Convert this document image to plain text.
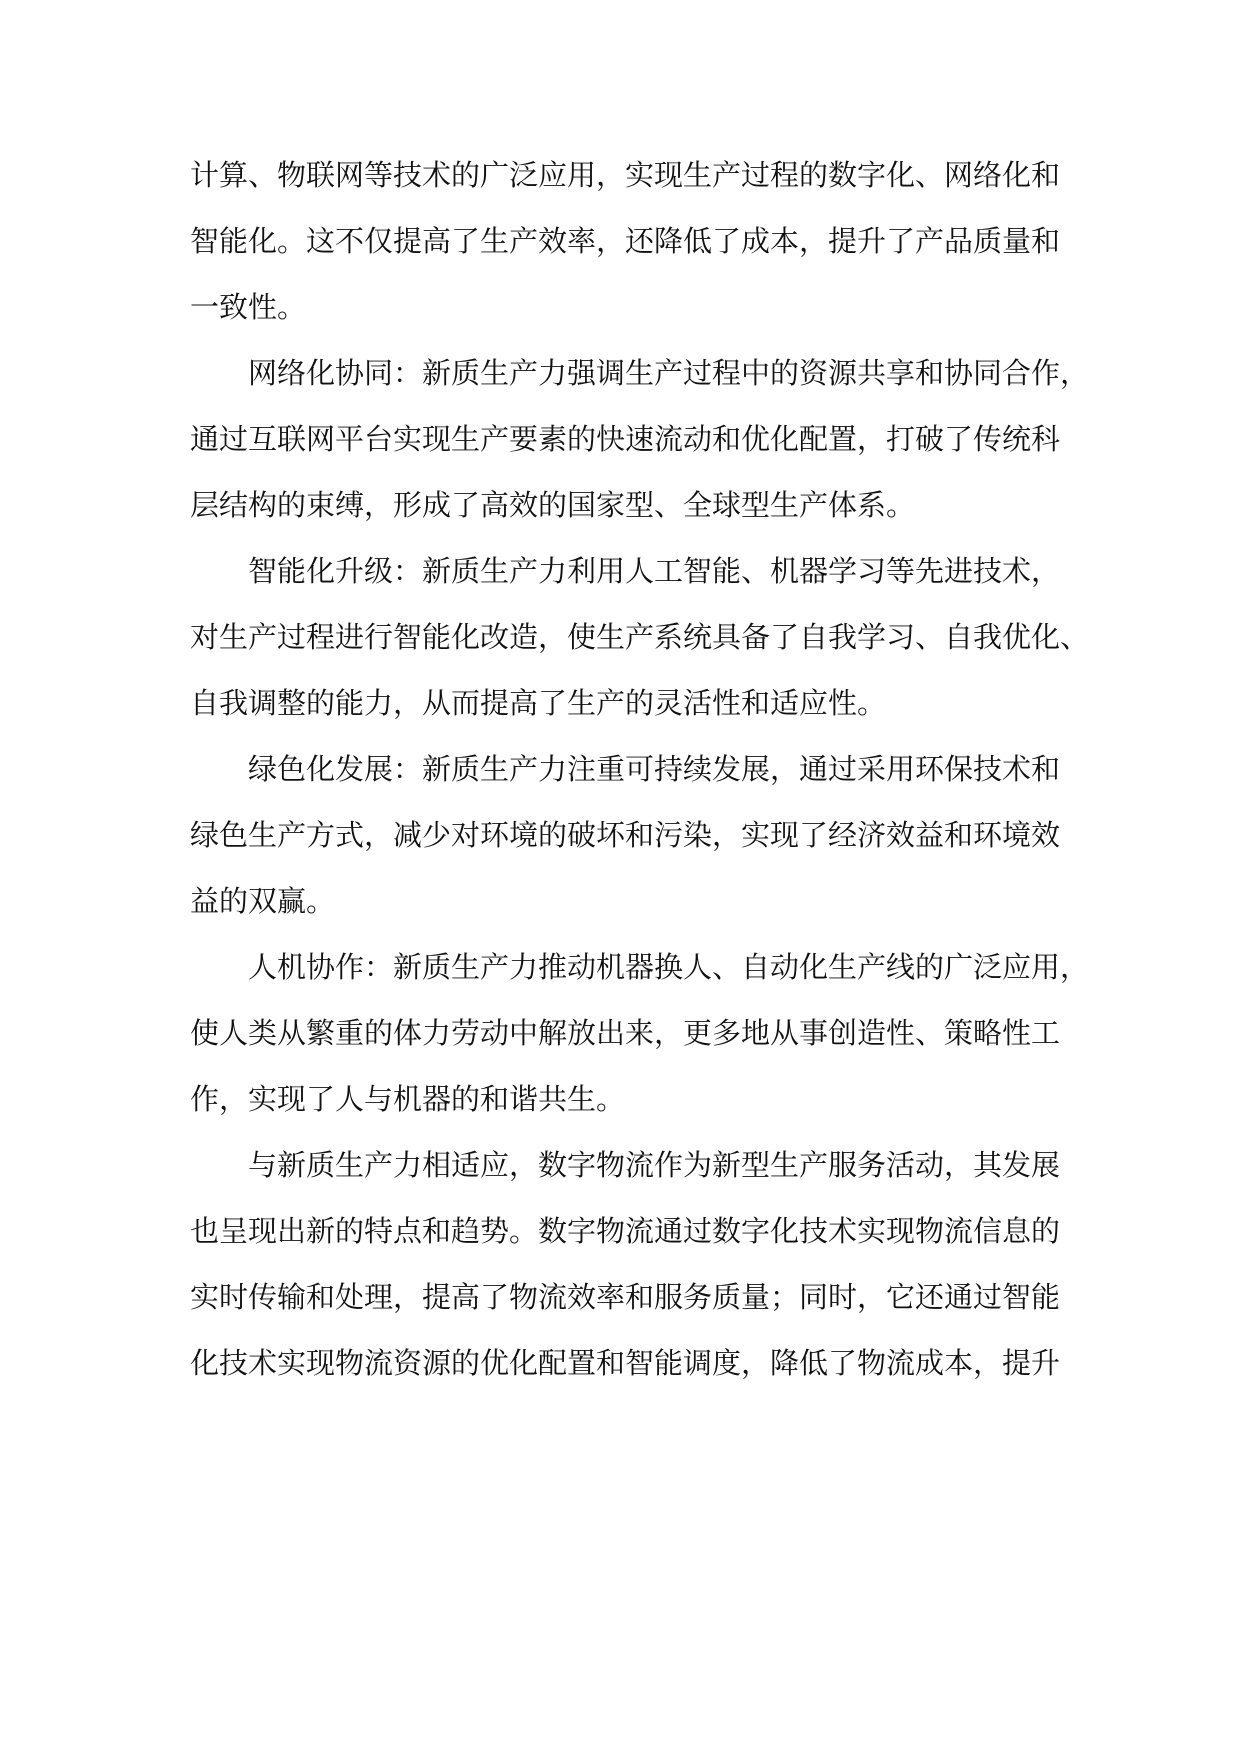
计算、物联网等技术的广泛应用，实现生产过程的数字化、网络化和
智能化。这不仅提高了生产效率，还降低了成本，提升了产品质量和
一致性。
网络化协同：新质生产力强调生产过程中的资源共享和协同合作，
通过互联网平台实现生产要素的快速流动和优化配置，打破了传统科
层结构的束缚，形成了高效的国家型、全球型生产体系。
智能化升级：新质生产力利用人工智能、机器学习等先进技术，
对生产过程进行智能化改造，使生产系统具备了自我学习、自我优化、
自我调整的能力，从而提高了生产的灵活性和适应性。
绿色化发展：新质生产力注重可持续发展，通过采用环保技术和
绿色生产方式，减少对环境的破坏和污染，实现了经济效益和环境效
益的双赢。
人机协作：新质生产力推动机器换人、自动化生产线的广泛应用，
使人类从繁重的体力劳动中解放出来，更多地从事创造性、策略性工
作，实现了人与机器的和谐共生。
与新质生产力相适应，数字物流作为新型生产服务活动，其发展
也呈现出新的特点和趋势。数字物流通过数字化技术实现物流信息的
实时传输和处理，提高了物流效率和服务质量；同时，它还通过智能
化技术实现物流资源的优化配置和智能调度，降低了物流成本，提升
